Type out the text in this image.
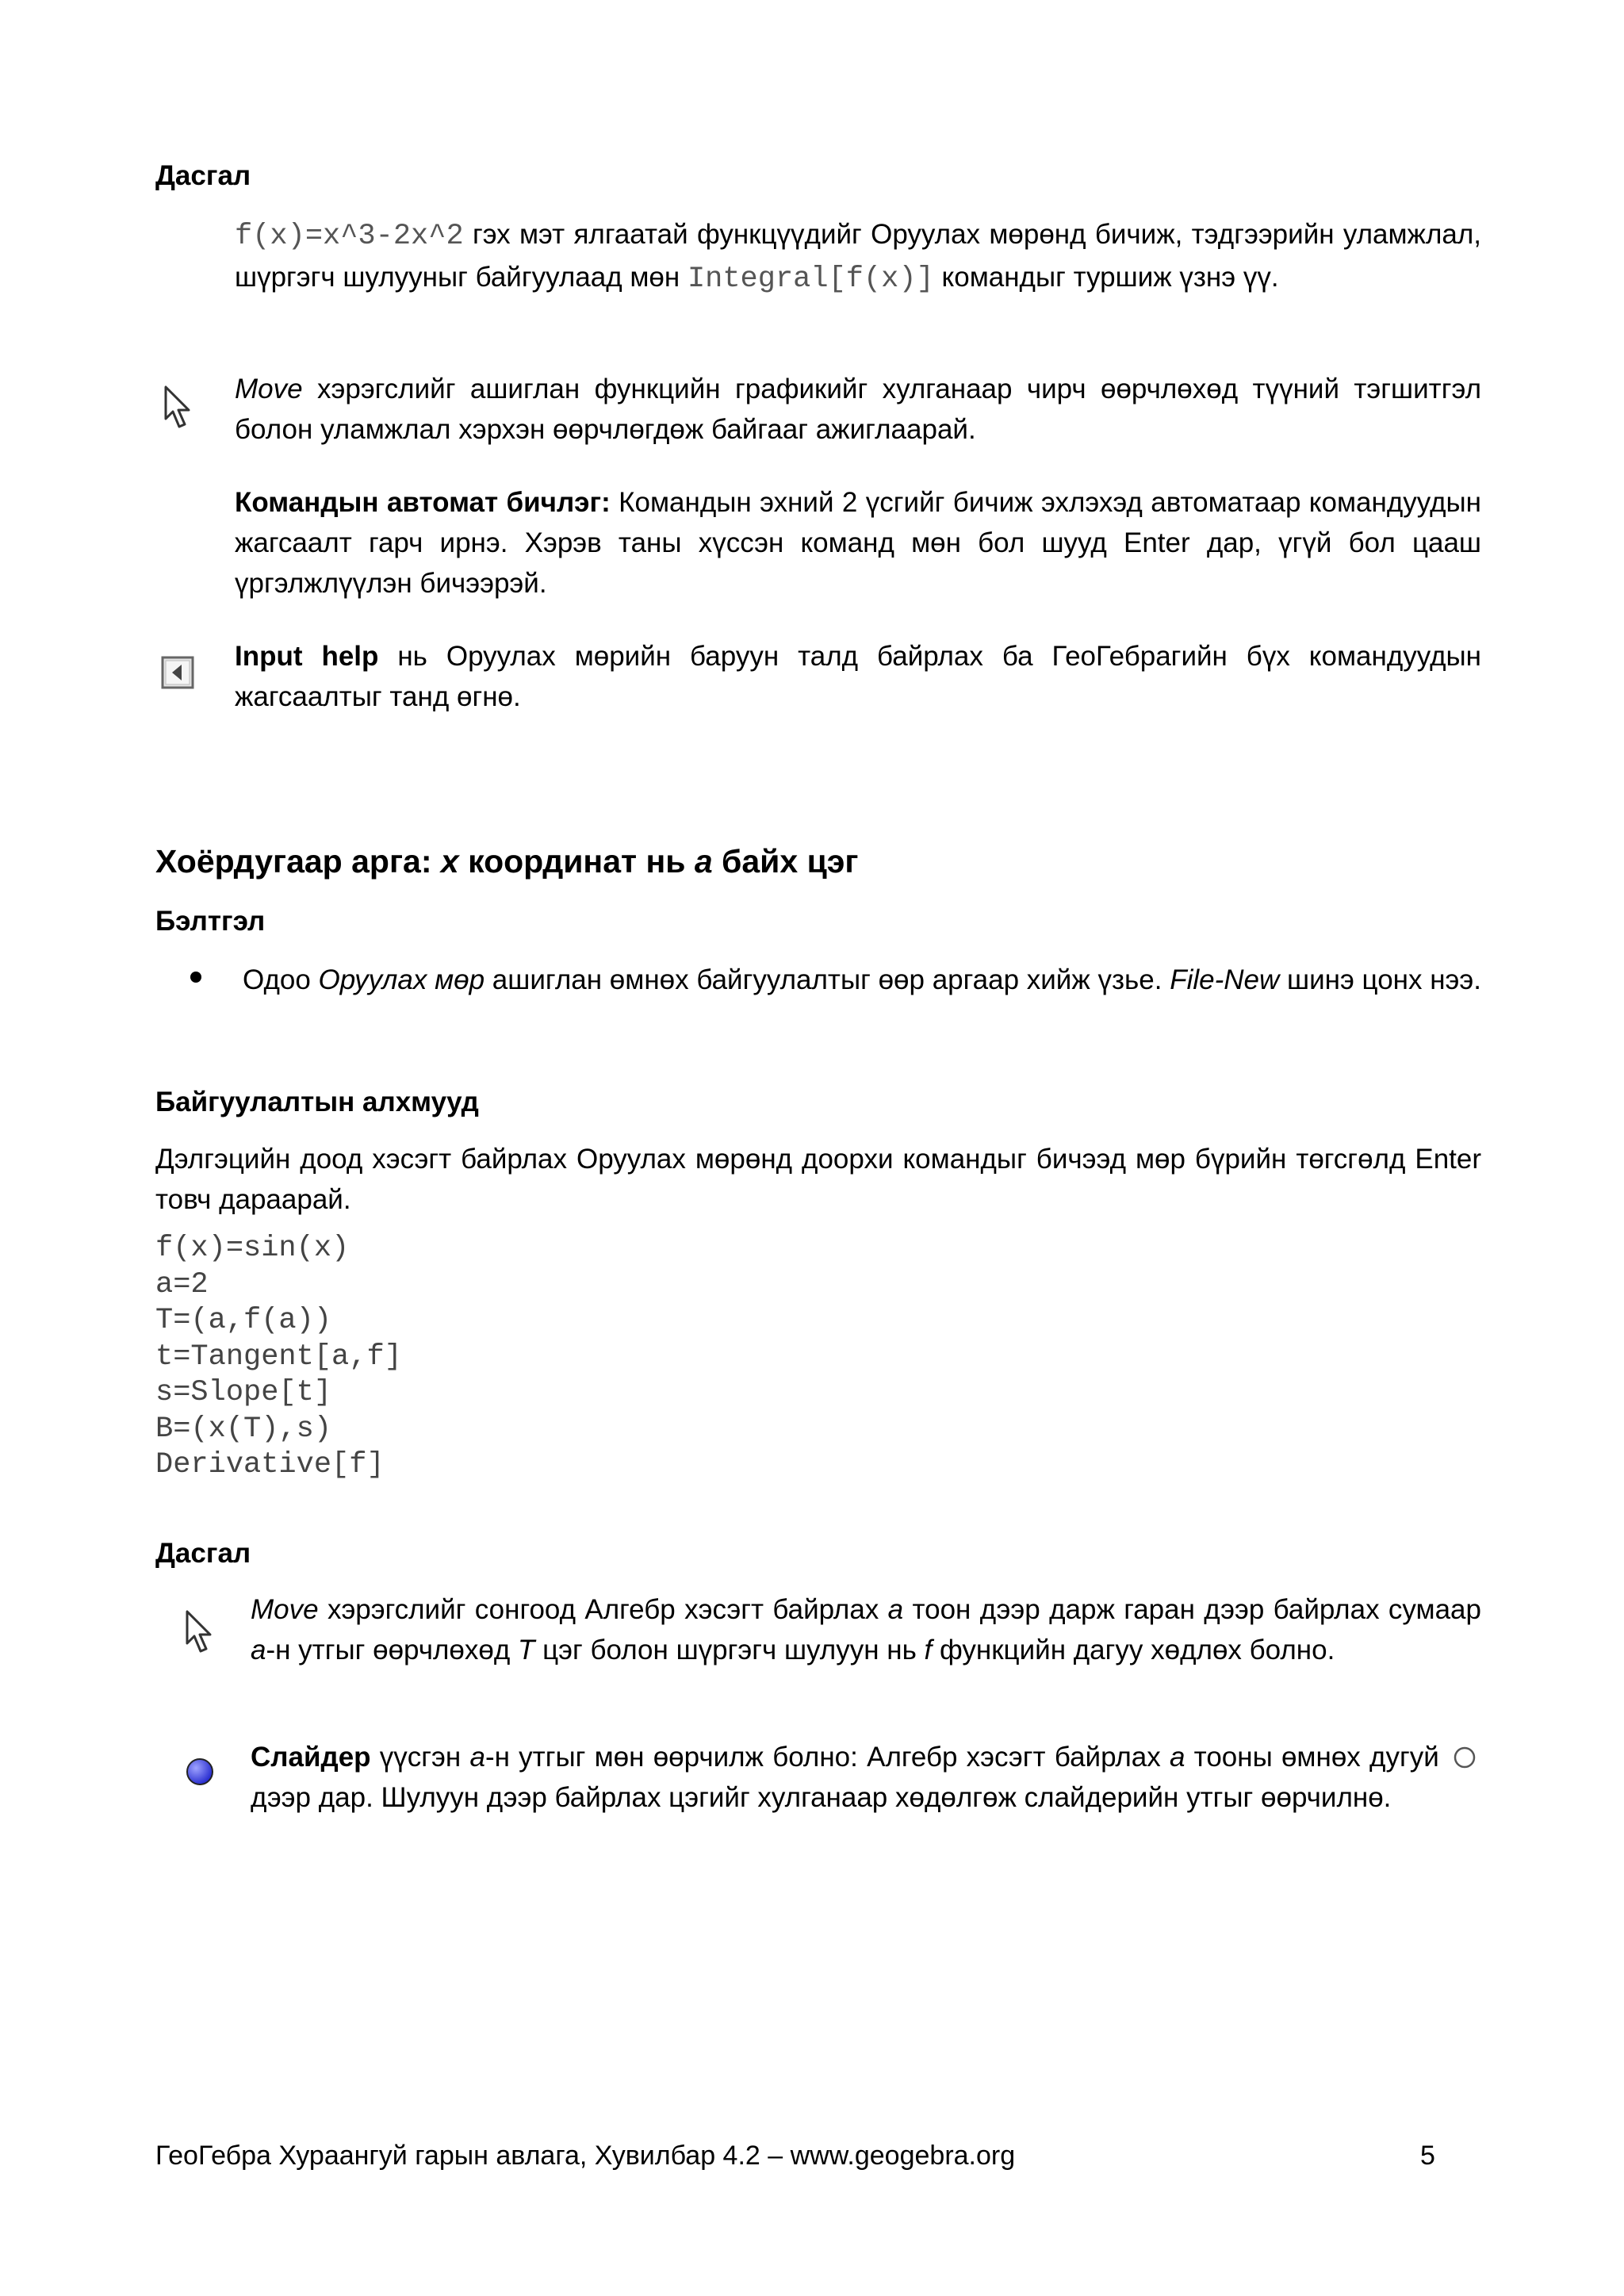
Дасгал
f(x)=x^3-2x^2 гэх мэт ялгаатай функцүүдийг Оруулах мөрөнд бичиж, тэдгээрийн уламжлал, шүргэгч шулууныг байгуулаад мөн Integral[f(x)] командыг туршиж үзнэ үү.
Move хэрэгслийг ашиглан функцийн графикийг хулганаар чирч өөрчлөхөд түүний тэгшитгэл болон уламжлал хэрхэн өөрчлөгдөж байгааг ажиглаарай.
Командын автомат бичлэг: Командын эхний 2 үсгийг бичиж эхлэхэд автоматаар командуудын жагсаалт гарч ирнэ. Хэрэв таны хүссэн команд мөн бол шууд Enter дар, үгүй бол цааш үргэлжлүүлэн бичээрэй.
Input help нь Оруулах мөрийн баруун талд байрлах ба ГеоГебрагийн бүх командуудын жагсаалтыг танд өгнө.
Хоёрдугаар арга: x координат нь a байх цэг
Бэлтгэл
Одоо Оруулах мөр ашиглан өмнөх байгуулалтыг өөр аргаар хийж үзье. File-New шинэ цонх нээ.
Байгуулалтын алхмууд
Дэлгэцийн доод хэсэгт байрлах Оруулах мөрөнд доорхи командыг бичээд мөр бүрийн төгсгөлд Enter товч дараарай.
f(x)=sin(x)
a=2
T=(a,f(a))
t=Tangent[a,f]
s=Slope[t]
B=(x(T),s)
Derivative[f]
Дасгал
Move хэрэгслийг сонгоод Алгебр хэсэгт байрлах a тоон дээр дарж гаран дээр байрлах сумаар a-н утгыг өөрчлөхөд T цэг болон шүргэгч шулуун нь f функцийн дагуу хөдлөх болно.
Слайдер үүсгэн a-н утгыг мөн өөрчилж болно: Алгебр хэсэгт байрлах a тооны өмнөх дугуй  дээр дар. Шулуун дээр байрлах цэгийг хулганаар хөдөлгөж слайдерийн утгыг өөрчилнө.
ГеоГебра Хураангуй гарын авлага, Хувилбар 4.2 – www.geogebra.org	5
